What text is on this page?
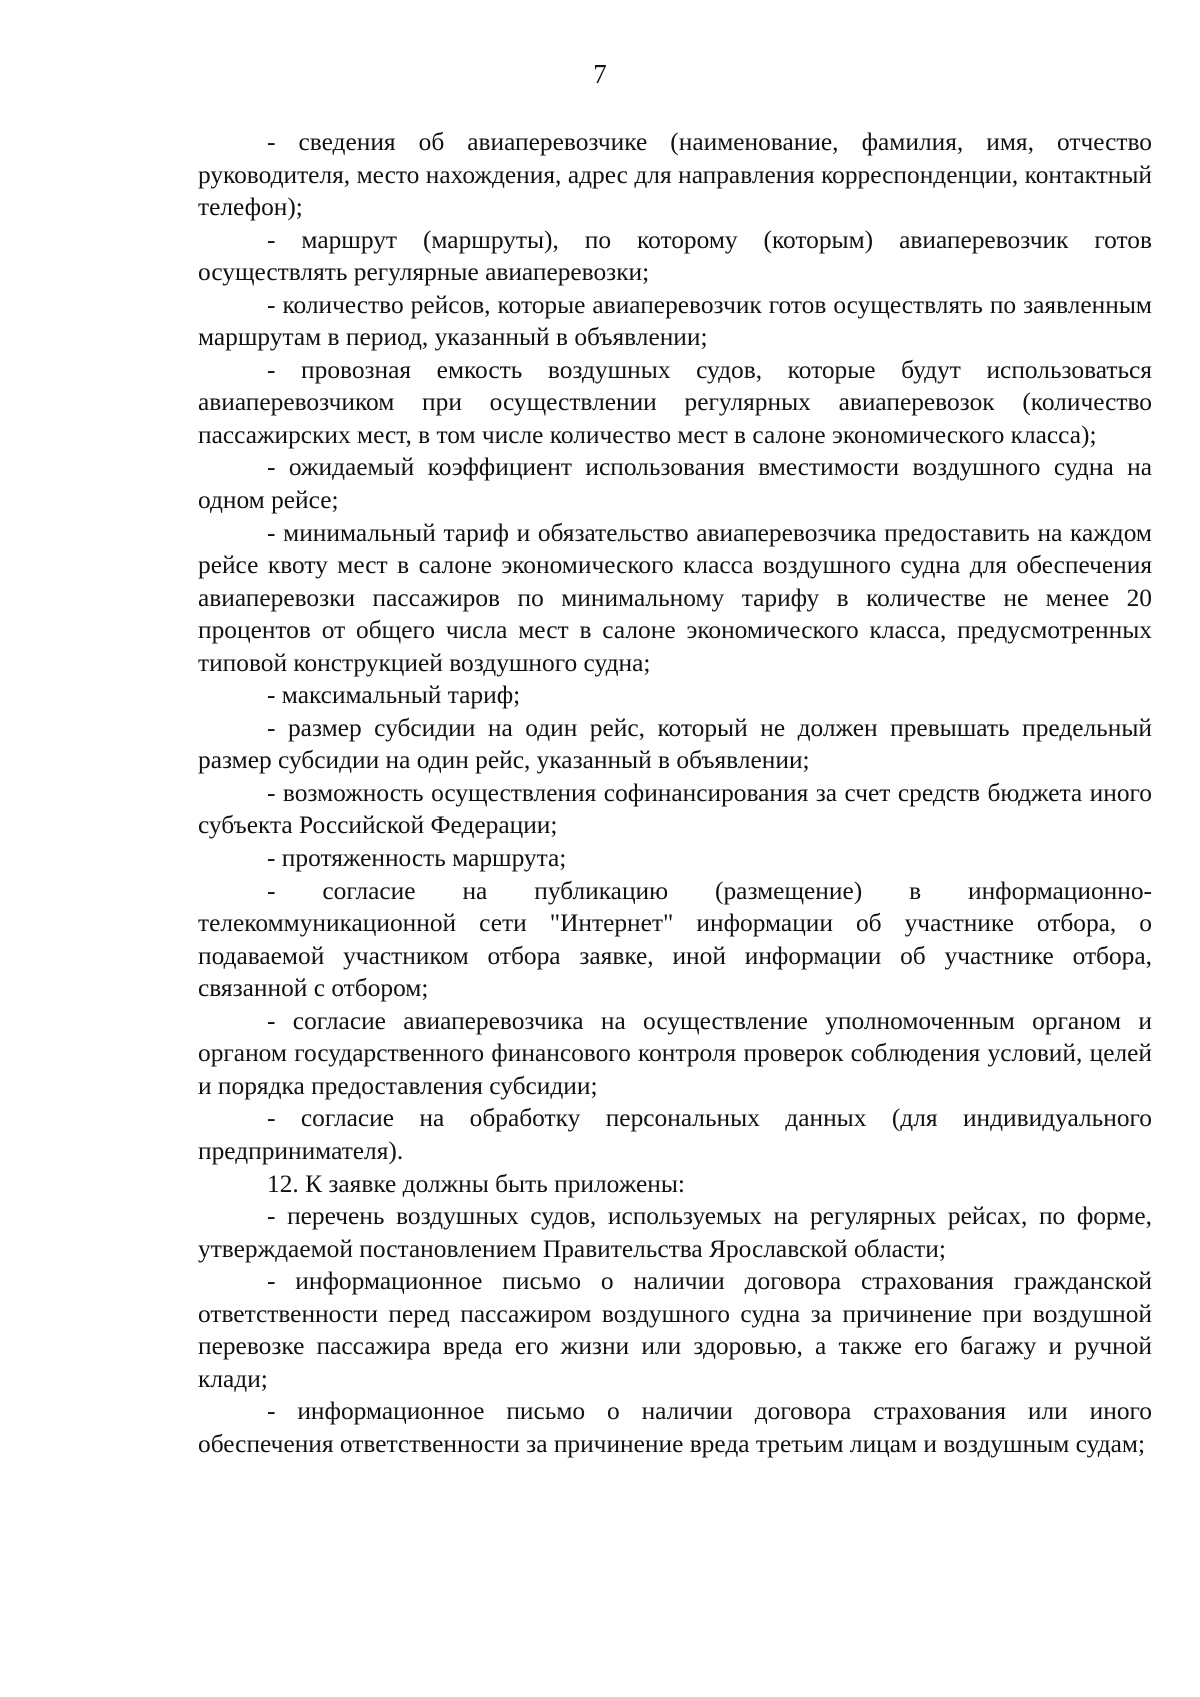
7

- сведения об авиаперевозчике (наименование, фамилия, имя, отчество руководителя, место нахождения, адрес для направления корреспонденции, контактный телефон);

- маршрут (маршруты), по которому (которым) авиаперевозчик готов осуществлять регулярные авиаперевозки;

- количество рейсов, которые авиаперевозчик готов осуществлять по заявленным маршрутам в период, указанный в объявлении;

- провозная емкость воздушных судов, которые будут использоваться авиаперевозчиком при осуществлении регулярных авиаперевозок (количество пассажирских мест, в том числе количество мест в салоне экономического класса);

- ожидаемый коэффициент использования вместимости воздушного судна на одном рейсе;

- минимальный тариф и обязательство авиаперевозчика предоставить на каждом рейсе квоту мест в салоне экономического класса воздушного судна для обеспечения авиаперевозки пассажиров по минимальному тарифу в количестве не менее 20 процентов от общего числа мест в салоне экономического класса, предусмотренных типовой конструкцией воздушного судна;

- максимальный тариф;

- размер субсидии на один рейс, который не должен превышать предельный размер субсидии на один рейс, указанный в объявлении;

- возможность осуществления софинансирования за счет средств бюджета иного субъекта Российской Федерации;

- протяженность маршрута;

- согласие на публикацию (размещение) в информационно-телекоммуникационной сети "Интернет" информации об участнике отбора, о подаваемой участником отбора заявке, иной информации об участнике отбора, связанной с отбором;

- согласие авиаперевозчика на осуществление уполномоченным органом и органом государственного финансового контроля проверок соблюдения условий, целей и порядка предоставления субсидии;

- согласие на обработку персональных данных (для индивидуального предпринимателя).

12. К заявке должны быть приложены:

- перечень воздушных судов, используемых на регулярных рейсах, по форме, утверждаемой постановлением Правительства Ярославской области;

- информационное письмо о наличии договора страхования гражданской ответственности перед пассажиром воздушного судна за причинение при воздушной перевозке пассажира вреда его жизни или здоровью, а также его багажу и ручной клади;

- информационное письмо о наличии договора страхования или иного обеспечения ответственности за причинение вреда третьим лицам и воздушным судам;
